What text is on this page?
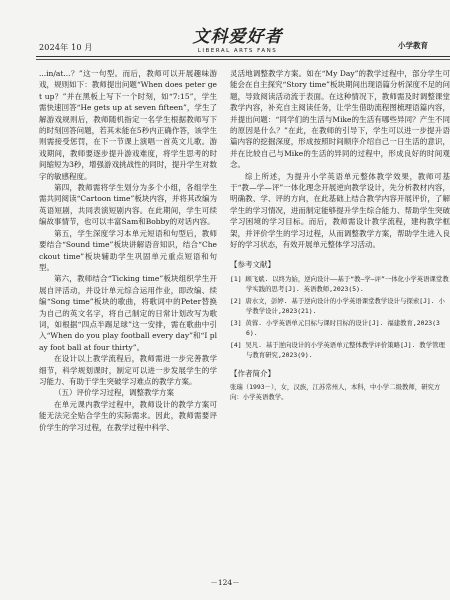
2024年 10 月
文科爱好者
LIBERAL ARTS FANS
小学教育

...in/at...？”这一句型。而后，教师可以开展趣味游戏，规则如下：教师提出问题“When does peter get up？”并在黑板上写下一个时刻，如“7:15”，学生需快速回答“He gets up at seven fifteen”，学生了解游戏规则后，教师随机指定一名学生根据教师写下的时刻回答问题，若其未能在5秒内正确作答，该学生则需接受惩罚，在下一节课上演唱一首英文儿歌。游戏期间，教师要逐步提升游戏难度，将学生思考的时间缩短为3秒，增强游戏挑战性的同时，提升学生对数字的敏感程度。

第四，教师需将学生划分为多个小组，各组学生需共同阅读“Cartoon time”板块内容，并将其改编为英语短剧，共同表演短剧内容。在此期间，学生可续编故事情节，也可以丰富Sam和Bobby的对话内容。

第五，学生深度学习本单元短语和句型后，教师要结合“Sound time”板块讲解语音知识，结合“Checkout time”板块辅助学生巩固单元重点短语和句型。

第六，教师结合“Ticking time”板块组织学生开展自评活动，并设计单元综合运用作业，即改编、续编“Song time”板块的歌曲，将歌词中的Peter替换为自己的英文名字，将自己制定的日常计划改写为歌词，如根据“四点半踢足球”这一安排，需在歌曲中引入“When do you play football every day”和“I play foot ball at four thirty”。

在设计以上教学流程后，教师需进一步完善教学细节，科学规划课时，制定可以进一步发展学生的学习能力、有助于学生突破学习难点的教学方案。

（五）评价学习过程，调整教学方案

在单元课内教学过程中，教师设计的教学方案可能无法完全贴合学生的实际需求。因此，教师需要评价学生的学习过程，在教学过程中科学、

灵活地调整教学方案。如在“My Day”的教学过程中，部分学生可能会在自主探究“Story time”板块期间出现语篇分析深度不足的问题，导致阅读活动流于表面。在这种情况下，教师需及时调整课堂教学内容，补充自主阅读任务，让学生借助流程图梳理语篇内容，并提出问题：“同学们的生活与Mike的生活有哪些异同？产生不同的原因是什么？”在此，在教师的引导下，学生可以进一步提升语篇内容的挖掘深度，形成按照时间顺序介绍自己一日生活的意识，并在比较自己与Mike的生活的异同的过程中，形成良好的时间观念。

综上所述，为提升小学英语单元整体教学效果，教师可基于“教—学—评”一体化理念开展逆向教学设计，先分析教材内容，明确教、学、评的方向，在此基础上结合教学内容开展评价，了解学生的学习情况，进而制定能够提升学生综合能力、帮助学生突破学习困境的学习目标。而后，教师需设计教学流程，建构教学框架，并评价学生的学习过程，从而调整教学方案，帮助学生进入良好的学习状态，有效开展单元整体学习活动。

【参考文献】

[1] 顾飞斌. 以终为始，逆向设计——基于“教—学—评”一体化小学英语课堂教学实践的思考[J]. 英语教师,2023(5).

[2] 唐水文，彭婷. 基于逆向设计的小学英语课堂教学设计与探索[J]. 小学教学设计,2023(21).

[3] 黄蓉. 小学英语单元目标与课时目标的设计[J]. 福建教育,2023(36).

[4] 吴凡. 基于逆向设计的小学英语单元整体教学评价策略[J]. 教学管理与教育研究,2023(9).

【作者简介】

张瑞（1993－），女，汉族，江苏常州人，本科，中小学二级教师，研究方向：小学英语教学。

－124－
